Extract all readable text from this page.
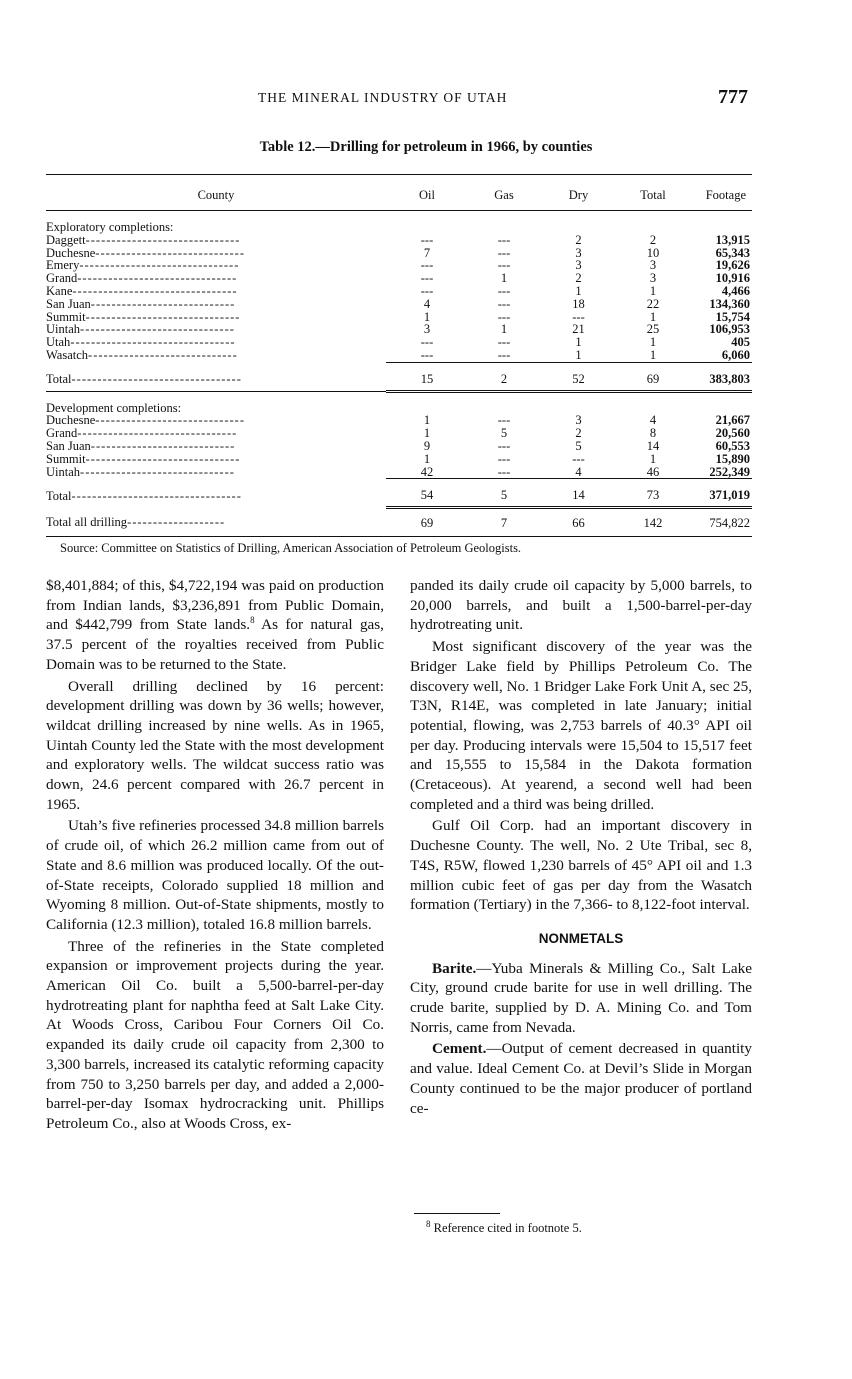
THE MINERAL INDUSTRY OF UTAH	777
Table 12.—Drilling for petroleum in 1966, by counties
County	Oil	Gas	Dry	Total	Footage
Exploratory completions:					
Daggett------------------------------	---	---	2	2	13,915
Duchesne-----------------------------	7	---	3	10	65,343
Emery-------------------------------	---	---	3	3	19,626
Grand-------------------------------	---	1	2	3	10,916
Kane--------------------------------	---	---	1	1	4,466
San Juan----------------------------	4	---	18	22	134,360
Summit------------------------------	1	---	---	1	15,754
Uintah------------------------------	3	1	21	25	106,953
Utah--------------------------------	---	---	1	1	405
Wasatch-----------------------------	---	---	1	1	6,060
Total---------------------------------	15	2	52	69	383,803
Development completions:					
Duchesne-----------------------------	1	---	3	4	21,667
Grand-------------------------------	1	5	2	8	20,560
San Juan----------------------------	9	---	5	14	60,553
Summit------------------------------	1	---	---	1	15,890
Uintah------------------------------	42	---	4	46	252,349
Total---------------------------------	54	5	14	73	371,019
Total all drilling-------------------	69	7	66	142	754,822
Source: Committee on Statistics of Drilling, American Association of Petroleum Geologists.

$8,401,884; of this, $4,722,194 was paid on production from Indian lands, $3,236,891 from Public Domain, and $442,799 from State lands.$^8$ As for natural gas, 37.5 percent of the royalties received from Public Domain was to be returned to the State.

Overall drilling declined by 16 percent: development drilling was down by 36 wells; however, wildcat drilling increased by nine wells. As in 1965, Uintah County led the State with the most development and exploratory wells. The wildcat success ratio was down, 24.6 percent compared with 26.7 percent in 1965.

Utah’s five refineries processed 34.8 million barrels of crude oil, of which 26.2 million came from out of State and 8.6 million was produced locally. Of the out-of-State receipts, Colorado supplied 18 million and Wyoming 8 million. Out-of-State shipments, mostly to California (12.3 million), totaled 16.8 million barrels.

Three of the refineries in the State completed expansion or improvement projects during the year. American Oil Co. built a 5,500-barrel-per-day hydrotreating plant for naphtha feed at Salt Lake City. At Woods Cross, Caribou Four Corners Oil Co. expanded its daily crude oil capacity from 2,300 to 3,300 barrels, increased its catalytic reforming capacity from 750 to 3,250 barrels per day, and added a 2,000-barrel-per-day Isomax hydrocracking unit. Phillips Petroleum Co., also at Woods Cross, ex-

panded its daily crude oil capacity by 5,000 barrels, to 20,000 barrels, and built a 1,500-barrel-per-day hydrotreating unit.

Most significant discovery of the year was the Bridger Lake field by Phillips Petroleum Co. The discovery well, No. 1 Bridger Lake Fork Unit A, sec 25, T3N, R14E, was completed in late January; initial potential, flowing, was 2,753 barrels of 40.3° API oil per day. Producing intervals were 15,504 to 15,517 feet and 15,555 to 15,584 in the Dakota formation (Cretaceous). At yearend, a second well had been completed and a third was being drilled.

Gulf Oil Corp. had an important discovery in Duchesne County. The well, No. 2 Ute Tribal, sec 8, T4S, R5W, flowed 1,230 barrels of 45° API oil and 1.3 million cubic feet of gas per day from the Wasatch formation (Tertiary) in the 7,366- to 8,122-foot interval.

NONMETALS

Barite.—Yuba Minerals & Milling Co., Salt Lake City, ground crude barite for use in well drilling. The crude barite, supplied by D. A. Mining Co. and Tom Norris, came from Nevada.

Cement.—Output of cement decreased in quantity and value. Ideal Cement Co. at Devil’s Slide in Morgan County continued to be the major producer of portland ce-

$^8$ Reference cited in footnote 5.
